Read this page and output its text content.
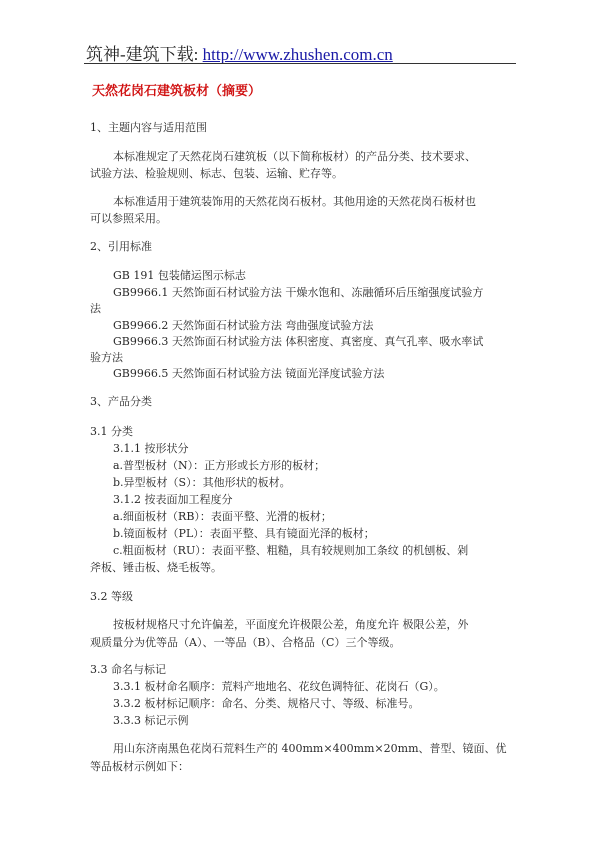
筑神-建筑下载: http://www.zhushen.com.cn
天然花岗石建筑板材（摘要）
1、主题内容与适用范围
本标准规定了天然花岗石建筑板（以下简称板材）的产品分类、技术要求、
试验方法、检验规则、标志、包装、运输、贮存等。
本标准适用于建筑装饰用的天然花岗石板材。其他用途的天然花岗石板材也
可以参照采用。
2、引用标准
GB 191 包装储运图示标志
GB9966.1 天然饰面石材试验方法 干燥水饱和、冻融循环后压缩强度试验方
法
GB9966.2 天然饰面石材试验方法 弯曲强度试验方法
GB9966.3 天然饰面石材试验方法 体积密度、真密度、真气孔率、吸水率试
验方法
GB9966.5 天然饰面石材试验方法 镜面光泽度试验方法
3、产品分类
3.1 分类
3.1.1 按形状分
a.普型板材（N）：正方形或长方形的板材；
b.异型板材（S）：其他形状的板材。
3.1.2 按表面加工程度分
a.细面板材（RB）：表面平整、光滑的板材；
b.镜面板材（PL）：表面平整、具有镜面光泽的板材；
c.粗面板材（RU）：表面平整、粗糙，具有较规则加工条纹 的机刨板、剁
斧板、锤击板、烧毛板等。
3.2 等级
按板材规格尺寸允许偏差，平面度允许极限公差，角度允许 极限公差，外
观质量分为优等品（A）、一等品（B）、合格品（C）三个等级。
3.3 命名与标记
3.3.1 板材命名顺序：荒料产地地名、花纹色调特征、花岗石（G）。
3.3.2 板材标记顺序：命名、分类、规格尺寸、等级、标准号。
3.3.3 标记示例
用山东济南黑色花岗石荒料生产的 400mm×400mm×20mm、普型、镜面、优
等品板材示例如下：
